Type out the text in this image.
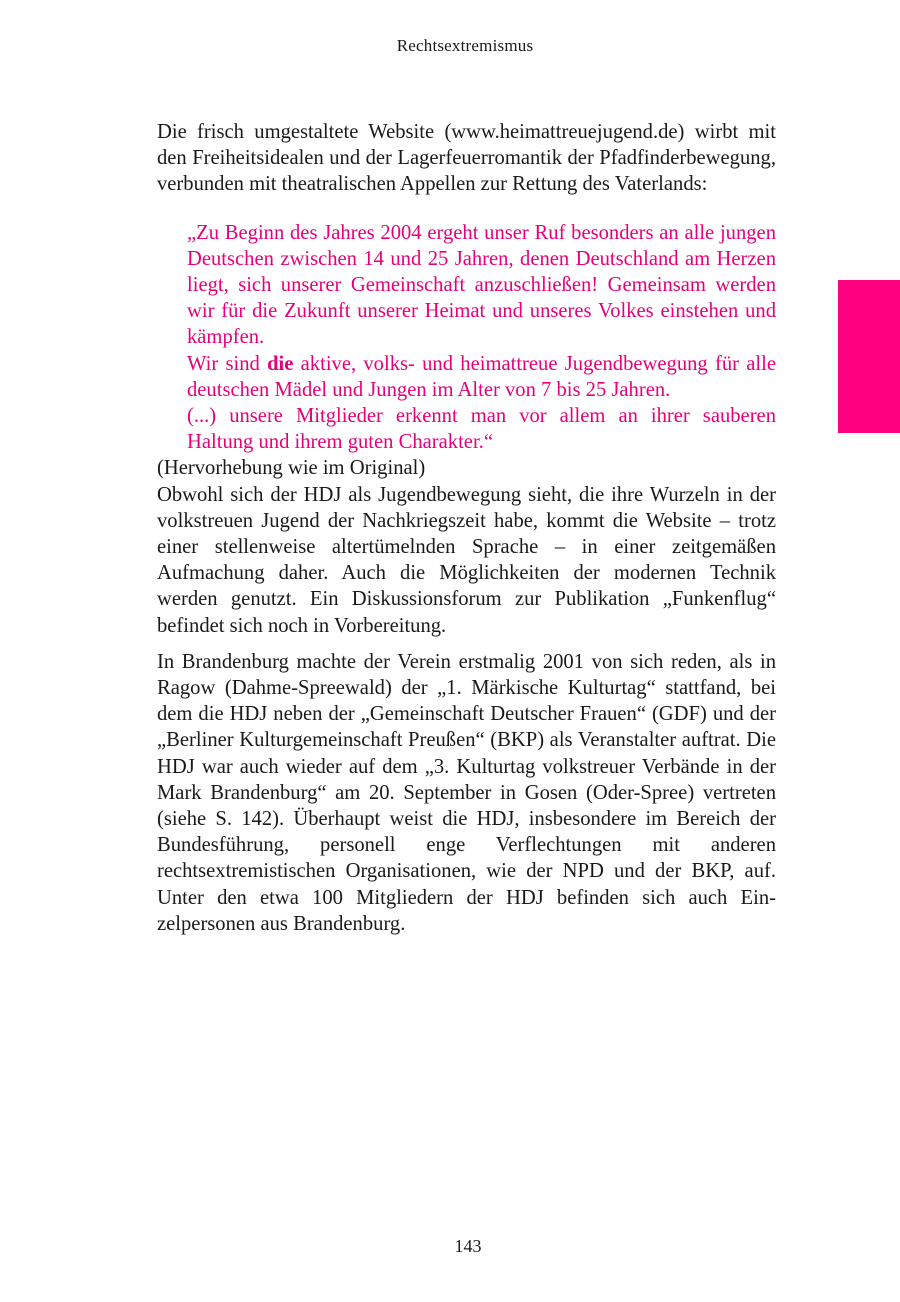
Rechtsextremismus

Die frisch umgestaltete Website (www.heimattreuejugend.de) wirbt mit den Freiheitsidealen und der Lagerfeuerromantik der Pfadfinderbewegung, verbunden mit theatralischen Appellen zur Rettung des Vaterlands:

„Zu Beginn des Jahres 2004 ergeht unser Ruf besonders an alle jungen Deutschen zwischen 14 und 25 Jahren, denen Deutschland am Herzen liegt, sich unserer Gemeinschaft anzuschließen! Gemeinsam werden wir für die Zukunft unserer Heimat und unseres Volkes einstehen und kämpfen.

Wir sind die aktive, volks- und heimattreue Jugendbewegung für alle deutschen Mädel und Jungen im Alter von 7 bis 25 Jahren.

(...) unsere Mitglieder erkennt man vor allem an ihrer sauberen Haltung und ihrem guten Charakter.“

(Hervorhebung wie im Original)

Obwohl sich der HDJ als Jugendbewegung sieht, die ihre Wurzeln in der volkstreuen Jugend der Nachkriegszeit habe, kommt die Website – trotz einer stellenweise altertümelnden Sprache – in einer zeitgemäßen Aufmachung daher. Auch die Möglichkeiten der modernen Technik werden genutzt. Ein Diskussionsforum zur Publikation „Funkenflug“ befindet sich noch in Vorbereitung.

In Brandenburg machte der Verein erstmalig 2001 von sich reden, als in Ragow (Dahme-Spreewald) der „1. Märkische Kulturtag“ stattfand, bei dem die HDJ neben der „Gemeinschaft Deutscher Frauen“ (GDF) und der „Berliner Kulturgemeinschaft Preußen“ (BKP) als Veranstalter auftrat. Die HDJ war auch wieder auf dem „3. Kulturtag volkstreuer Verbände in der Mark Brandenburg“ am 20. September in Gosen (Oder-Spree) vertreten (siehe S. 142). Überhaupt weist die HDJ, insbesondere im Bereich der Bundesführung, personell enge Verflechtungen mit anderen rechtsextremistischen Organisationen, wie der NPD und der BKP, auf. Unter den etwa 100 Mitgliedern der HDJ befinden sich auch Einzelpersonen aus Brandenburg.

143
